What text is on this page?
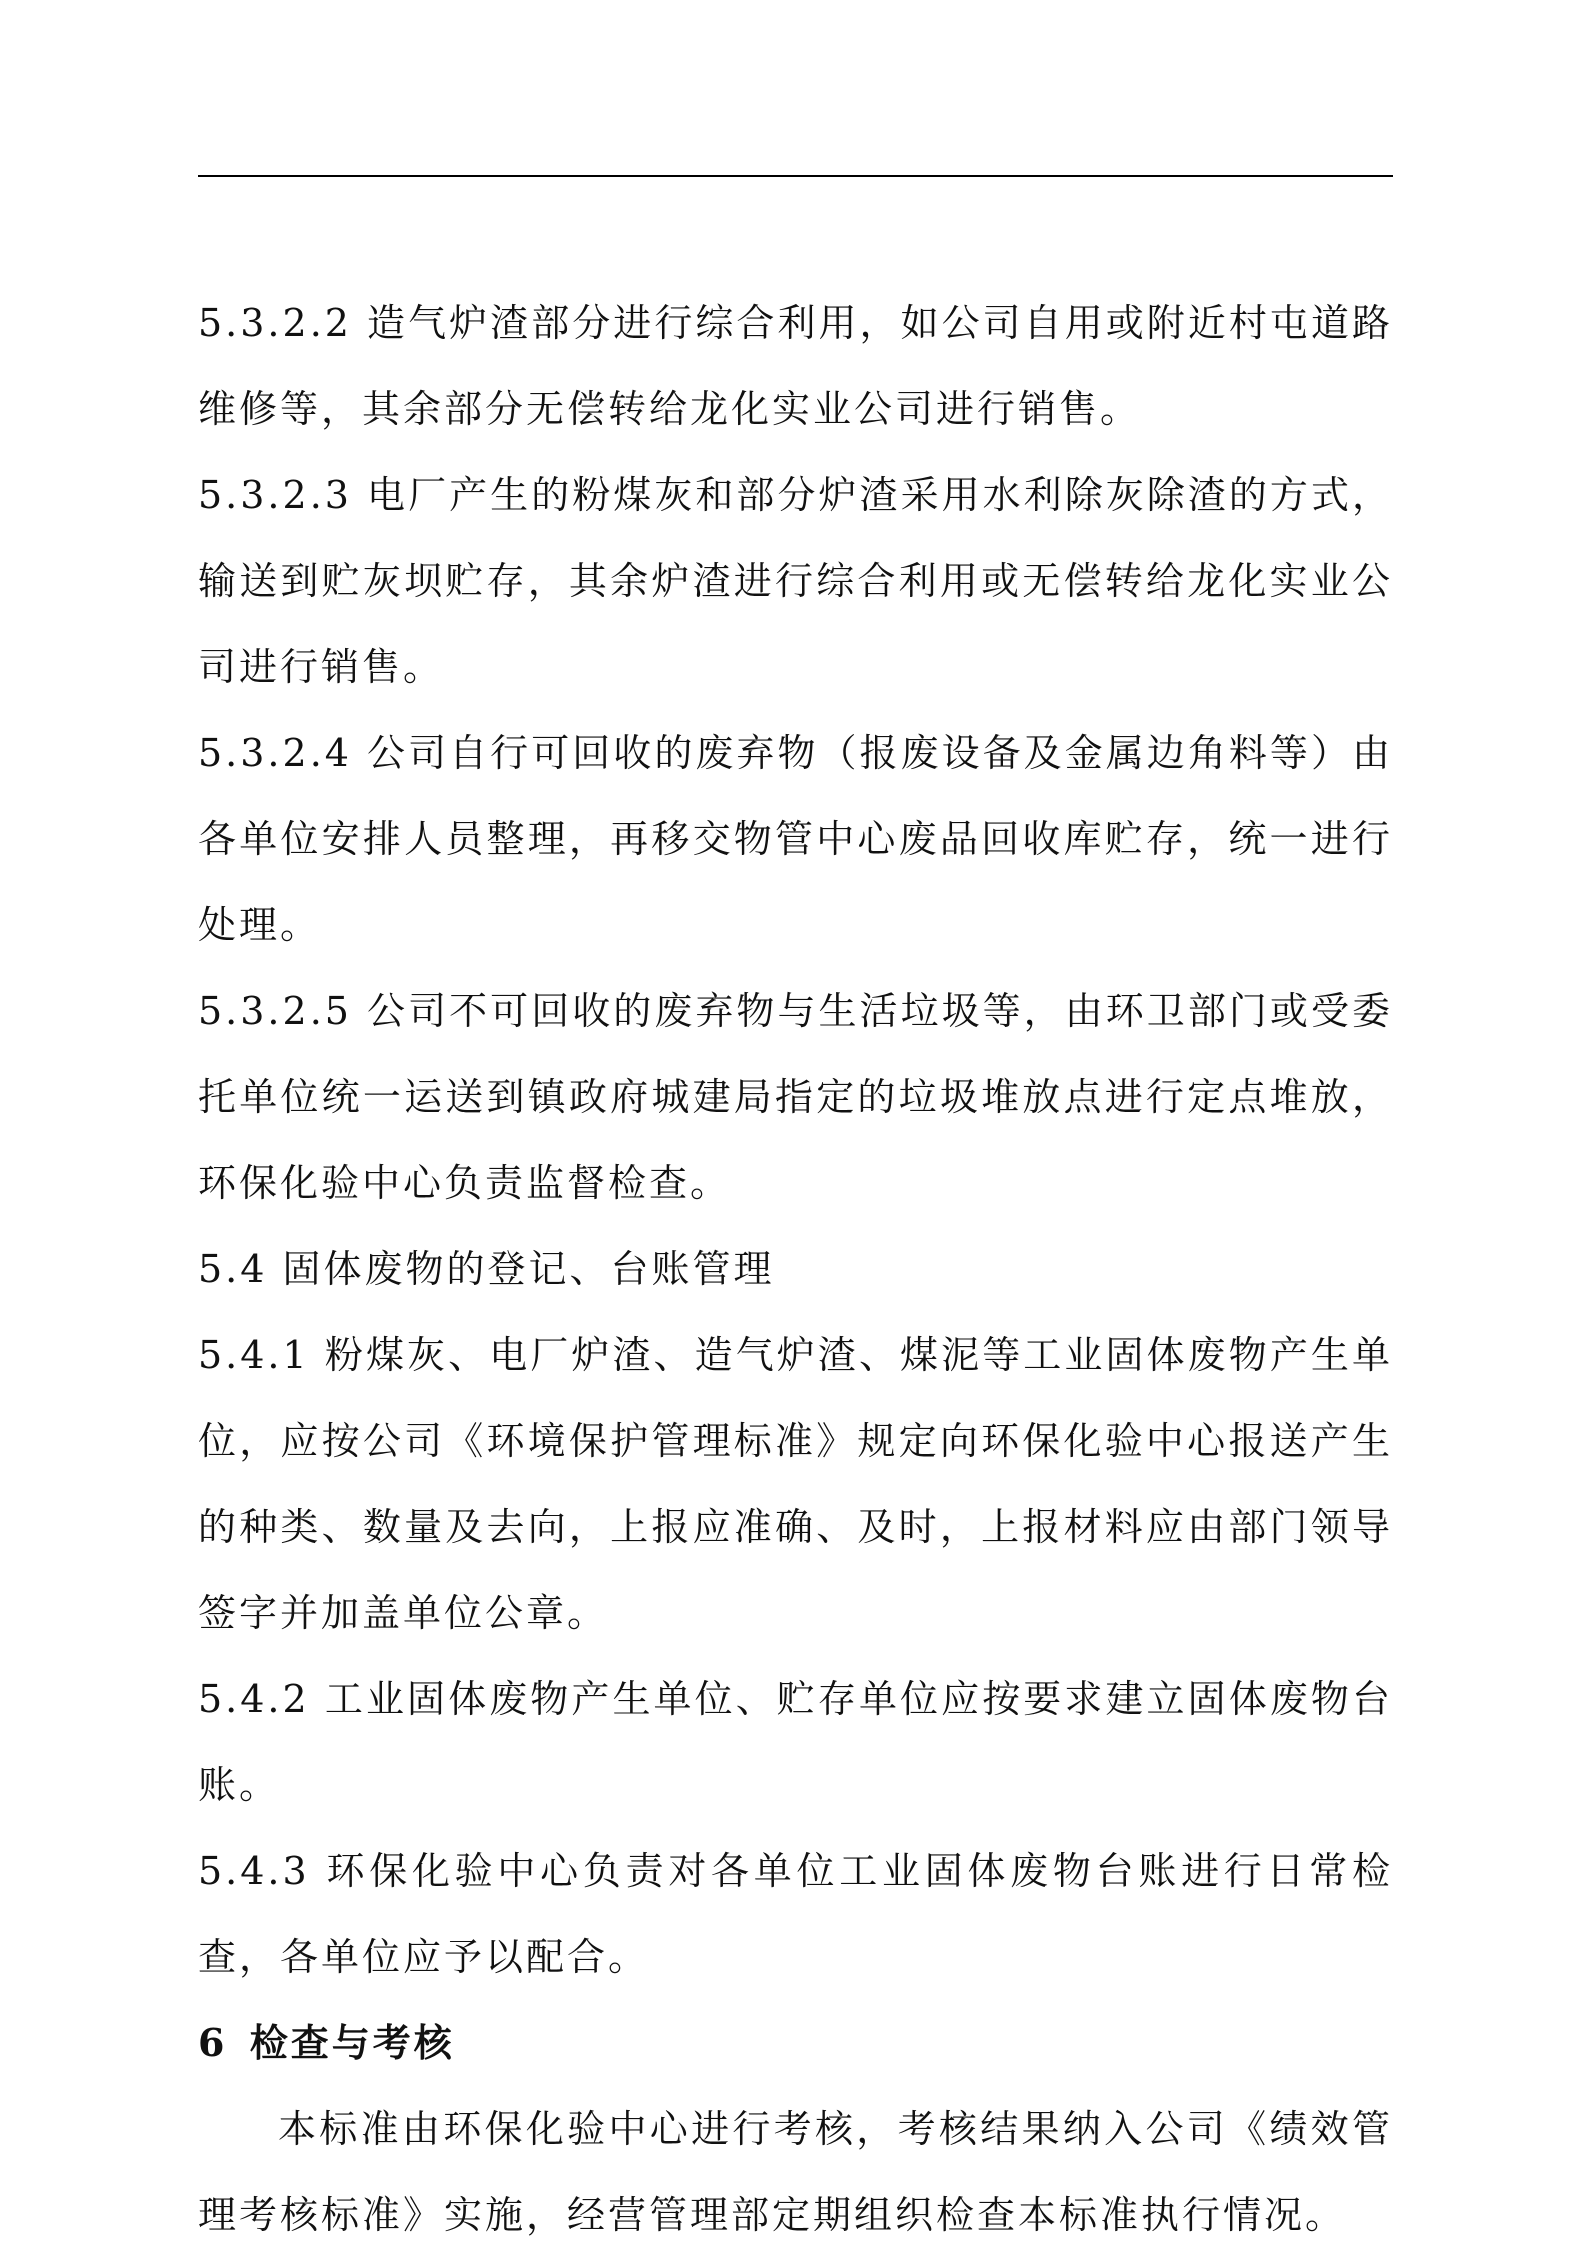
5.3.2.2 造气炉渣部分进行综合利用，如公司自用或附近村屯道路维修等，其余部分无偿转给龙化实业公司进行销售。

5.3.2.3 电厂产生的粉煤灰和部分炉渣采用水利除灰除渣的方式，输送到贮灰坝贮存，其余炉渣进行综合利用或无偿转给龙化实业公司进行销售。

5.3.2.4 公司自行可回收的废弃物（报废设备及金属边角料等）由各单位安排人员整理，再移交物管中心废品回收库贮存，统一进行处理。

5.3.2.5 公司不可回收的废弃物与生活垃圾等，由环卫部门或受委托单位统一运送到镇政府城建局指定的垃圾堆放点进行定点堆放，环保化验中心负责监督检查。

5.4 固体废物的登记、台账管理

5.4.1 粉煤灰、电厂炉渣、造气炉渣、煤泥等工业固体废物产生单位，应按公司《环境保护管理标准》规定向环保化验中心报送产生的种类、数量及去向，上报应准确、及时，上报材料应由部门领导签字并加盖单位公章。

5.4.2 工业固体废物产生单位、贮存单位应按要求建立固体废物台账。

5.4.3 环保化验中心负责对各单位工业固体废物台账进行日常检查，各单位应予以配合。

6 检查与考核

本标准由环保化验中心进行考核，考核结果纳入公司《绩效管理考核标准》实施，经营管理部定期组织检查本标准执行情况。
